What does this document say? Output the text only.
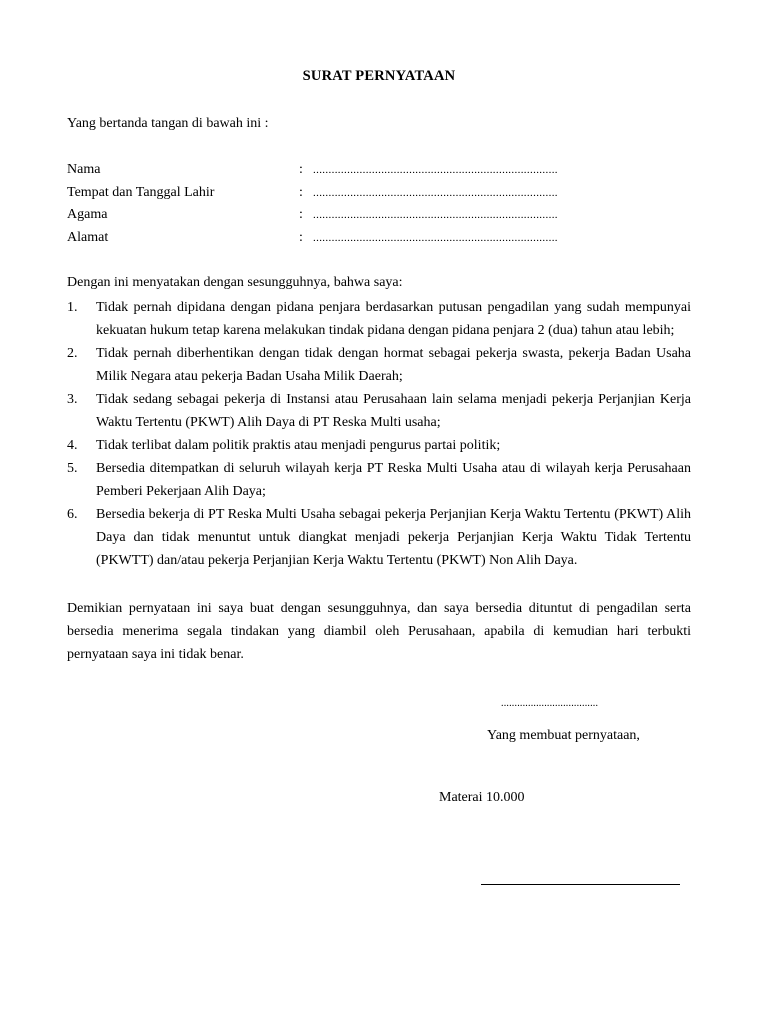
SURAT PERNYATAAN
Yang bertanda tangan di bawah ini :
Nama	: ...............................................................................
Tempat dan Tanggal Lahir	: ...............................................................................
Agama	: ...............................................................................
Alamat	: ...............................................................................
Dengan ini menyatakan dengan sesungguhnya, bahwa saya:
1. Tidak pernah dipidana dengan pidana penjara berdasarkan putusan pengadilan yang sudah mempunyai kekuatan hukum tetap karena melakukan tindak pidana dengan pidana penjara 2 (dua) tahun atau lebih;
2. Tidak pernah diberhentikan dengan tidak dengan hormat sebagai pekerja swasta, pekerja Badan Usaha Milik Negara atau pekerja Badan Usaha Milik Daerah;
3. Tidak sedang sebagai pekerja di Instansi atau Perusahaan lain selama menjadi pekerja Perjanjian Kerja Waktu Tertentu (PKWT) Alih Daya di PT Reska Multi usaha;
4. Tidak terlibat dalam politik praktis atau menjadi pengurus partai politik;
5. Bersedia ditempatkan di seluruh wilayah kerja PT Reska Multi Usaha atau di wilayah kerja Perusahaan Pemberi Pekerjaan Alih Daya;
6. Bersedia bekerja di PT Reska Multi Usaha sebagai pekerja Perjanjian Kerja Waktu Tertentu (PKWT) Alih Daya dan tidak menuntut untuk diangkat menjadi pekerja Perjanjian Kerja Waktu Tidak Tertentu (PKWTT) dan/atau pekerja Perjanjian Kerja Waktu Tertentu (PKWT) Non Alih Daya.
Demikian pernyataan ini saya buat dengan sesungguhnya, dan saya bersedia dituntut di pengadilan serta bersedia menerima segala tindakan yang diambil oleh Perusahaan, apabila di kemudian hari terbukti pernyataan saya ini tidak benar.
....................................
Yang membuat pernyataan,
Materai 10.000
